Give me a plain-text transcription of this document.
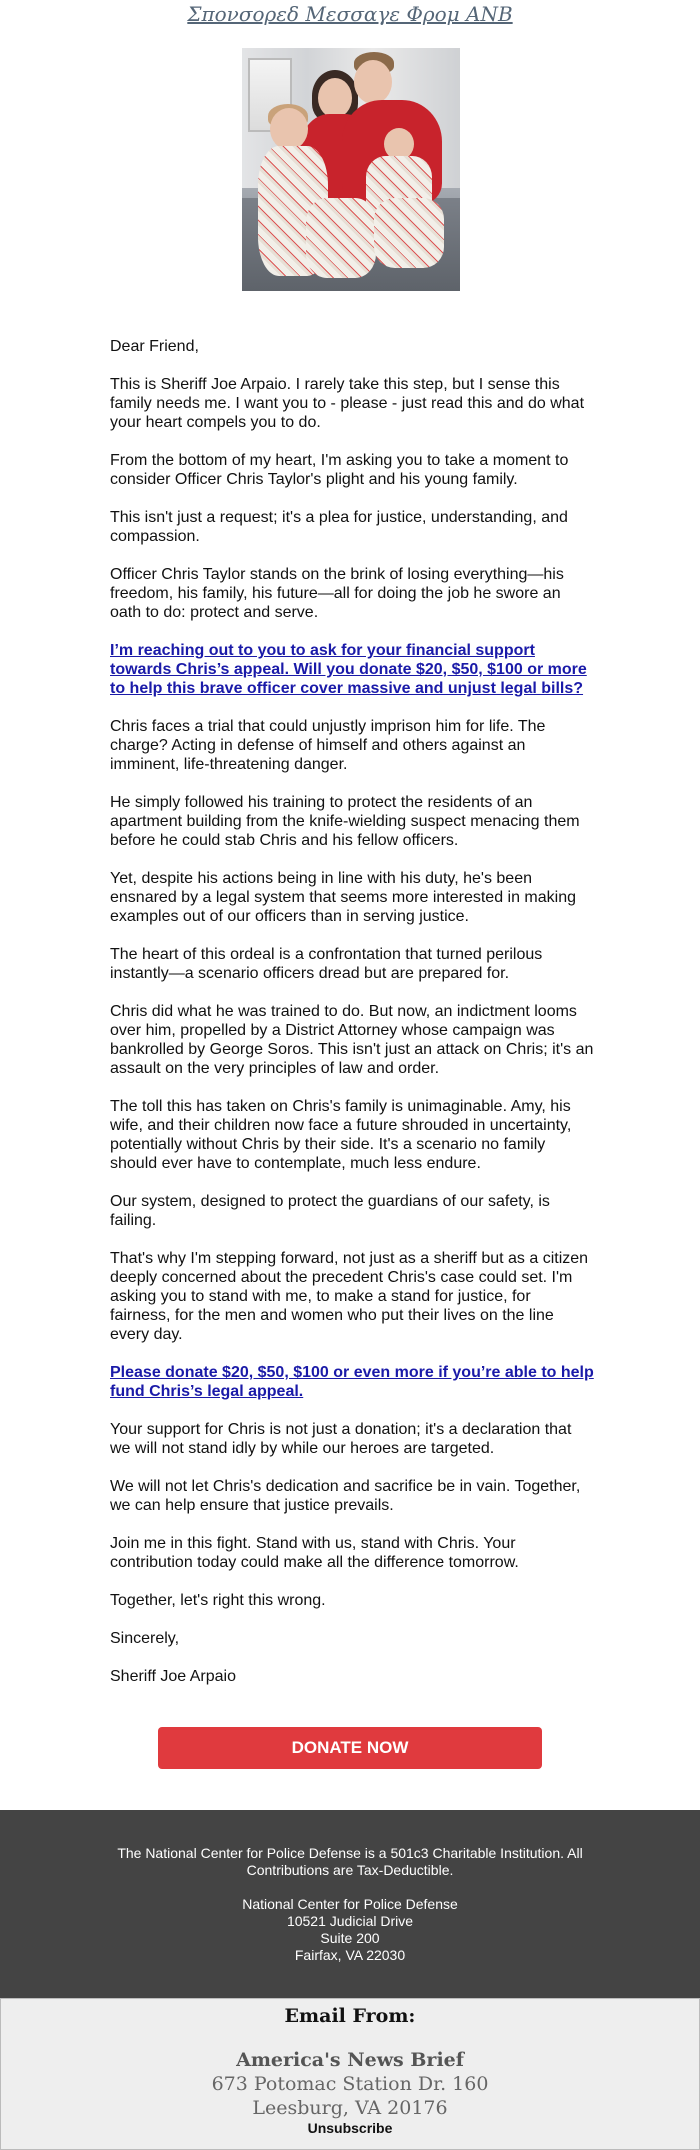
Σπονσορεδ Μεσσαγε Φρομ ΑΝΒ

Dear Friend,

This is Sheriff Joe Arpaio. I rarely take this step, but I sense this family needs me. I want you to - please - just read this and do what your heart compels you to do.

From the bottom of my heart, I'm asking you to take a moment to consider Officer Chris Taylor's plight and his young family.

This isn't just a request; it's a plea for justice, understanding, and compassion.

Officer Chris Taylor stands on the brink of losing everything—his freedom, his family, his future—all for doing the job he swore an oath to do: protect and serve.

I’m reaching out to you to ask for your financial support towards Chris’s appeal. Will you donate $20, $50, $100 or more to help this brave officer cover massive and unjust legal bills?

Chris faces a trial that could unjustly imprison him for life. The charge? Acting in defense of himself and others against an imminent, life-threatening danger.

He simply followed his training to protect the residents of an apartment building from the knife-wielding suspect menacing them before he could stab Chris and his fellow officers.

Yet, despite his actions being in line with his duty, he's been ensnared by a legal system that seems more interested in making examples out of our officers than in serving justice.

The heart of this ordeal is a confrontation that turned perilous instantly—a scenario officers dread but are prepared for.

Chris did what he was trained to do. But now, an indictment looms over him, propelled by a District Attorney whose campaign was bankrolled by George Soros. This isn't just an attack on Chris; it's an assault on the very principles of law and order.

The toll this has taken on Chris's family is unimaginable. Amy, his wife, and their children now face a future shrouded in uncertainty, potentially without Chris by their side. It's a scenario no family should ever have to contemplate, much less endure.

Our system, designed to protect the guardians of our safety, is failing.

That's why I'm stepping forward, not just as a sheriff but as a citizen deeply concerned about the precedent Chris's case could set. I'm asking you to stand with me, to make a stand for justice, for fairness, for the men and women who put their lives on the line every day.

Please donate $20, $50, $100 or even more if you’re able to help fund Chris’s legal appeal.

Your support for Chris is not just a donation; it's a declaration that we will not stand idly by while our heroes are targeted.

We will not let Chris's dedication and sacrifice be in vain. Together, we can help ensure that justice prevails.

Join me in this fight. Stand with us, stand with Chris. Your contribution today could make all the difference tomorrow.

Together, let's right this wrong.

Sincerely,

Sheriff Joe Arpaio

DONATE NOW
The National Center for Police Defense is a 501c3 Charitable Institution. All Contributions are Tax-Deductible.
National Center for Police Defense
10521 Judicial Drive
Suite 200
Fairfax, VA 22030
Email From:
America's News Brief
673 Potomac Station Dr. 160
Leesburg, VA 20176
Unsubscribe
